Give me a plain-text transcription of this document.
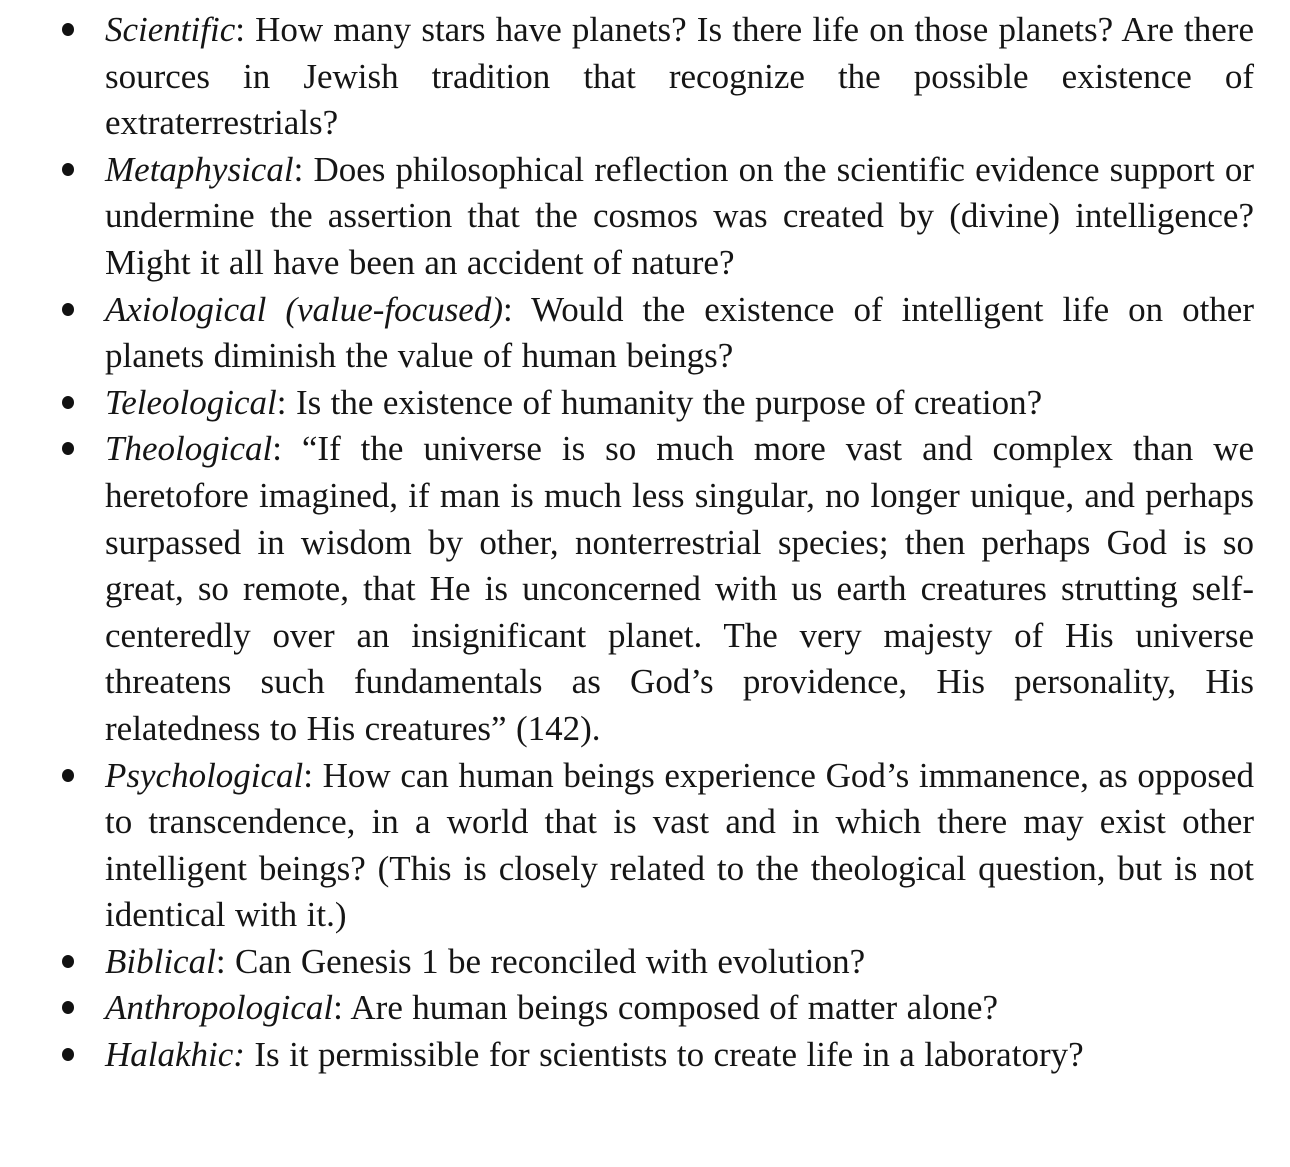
Scientific: How many stars have planets? Is there life on those planets? Are there sources in Jewish tradition that recognize the possible existence of extraterrestrials?
Metaphysical: Does philosophical reflection on the scientific evidence support or undermine the assertion that the cosmos was created by (divine) intelligence? Might it all have been an accident of nature?
Axiological (value-focused): Would the existence of intelligent life on other planets diminish the value of human beings?
Teleological: Is the existence of humanity the purpose of creation?
Theological: “If the universe is so much more vast and complex than we heretofore imagined, if man is much less singular, no longer unique, and perhaps surpassed in wisdom by other, nonterrestrial species; then perhaps God is so great, so remote, that He is unconcerned with us earth creatures strutting self-centeredly over an insignificant planet. The very majesty of His universe threatens such fundamentals as God’s providence, His personality, His relatedness to His creatures” (142).
Psychological: How can human beings experience God’s immanence, as opposed to transcendence, in a world that is vast and in which there may exist other intelligent beings? (This is closely related to the theological question, but is not identical with it.)
Biblical: Can Genesis 1 be reconciled with evolution?
Anthropological: Are human beings composed of matter alone?
Halakhic: Is it permissible for scientists to create life in a laboratory?
